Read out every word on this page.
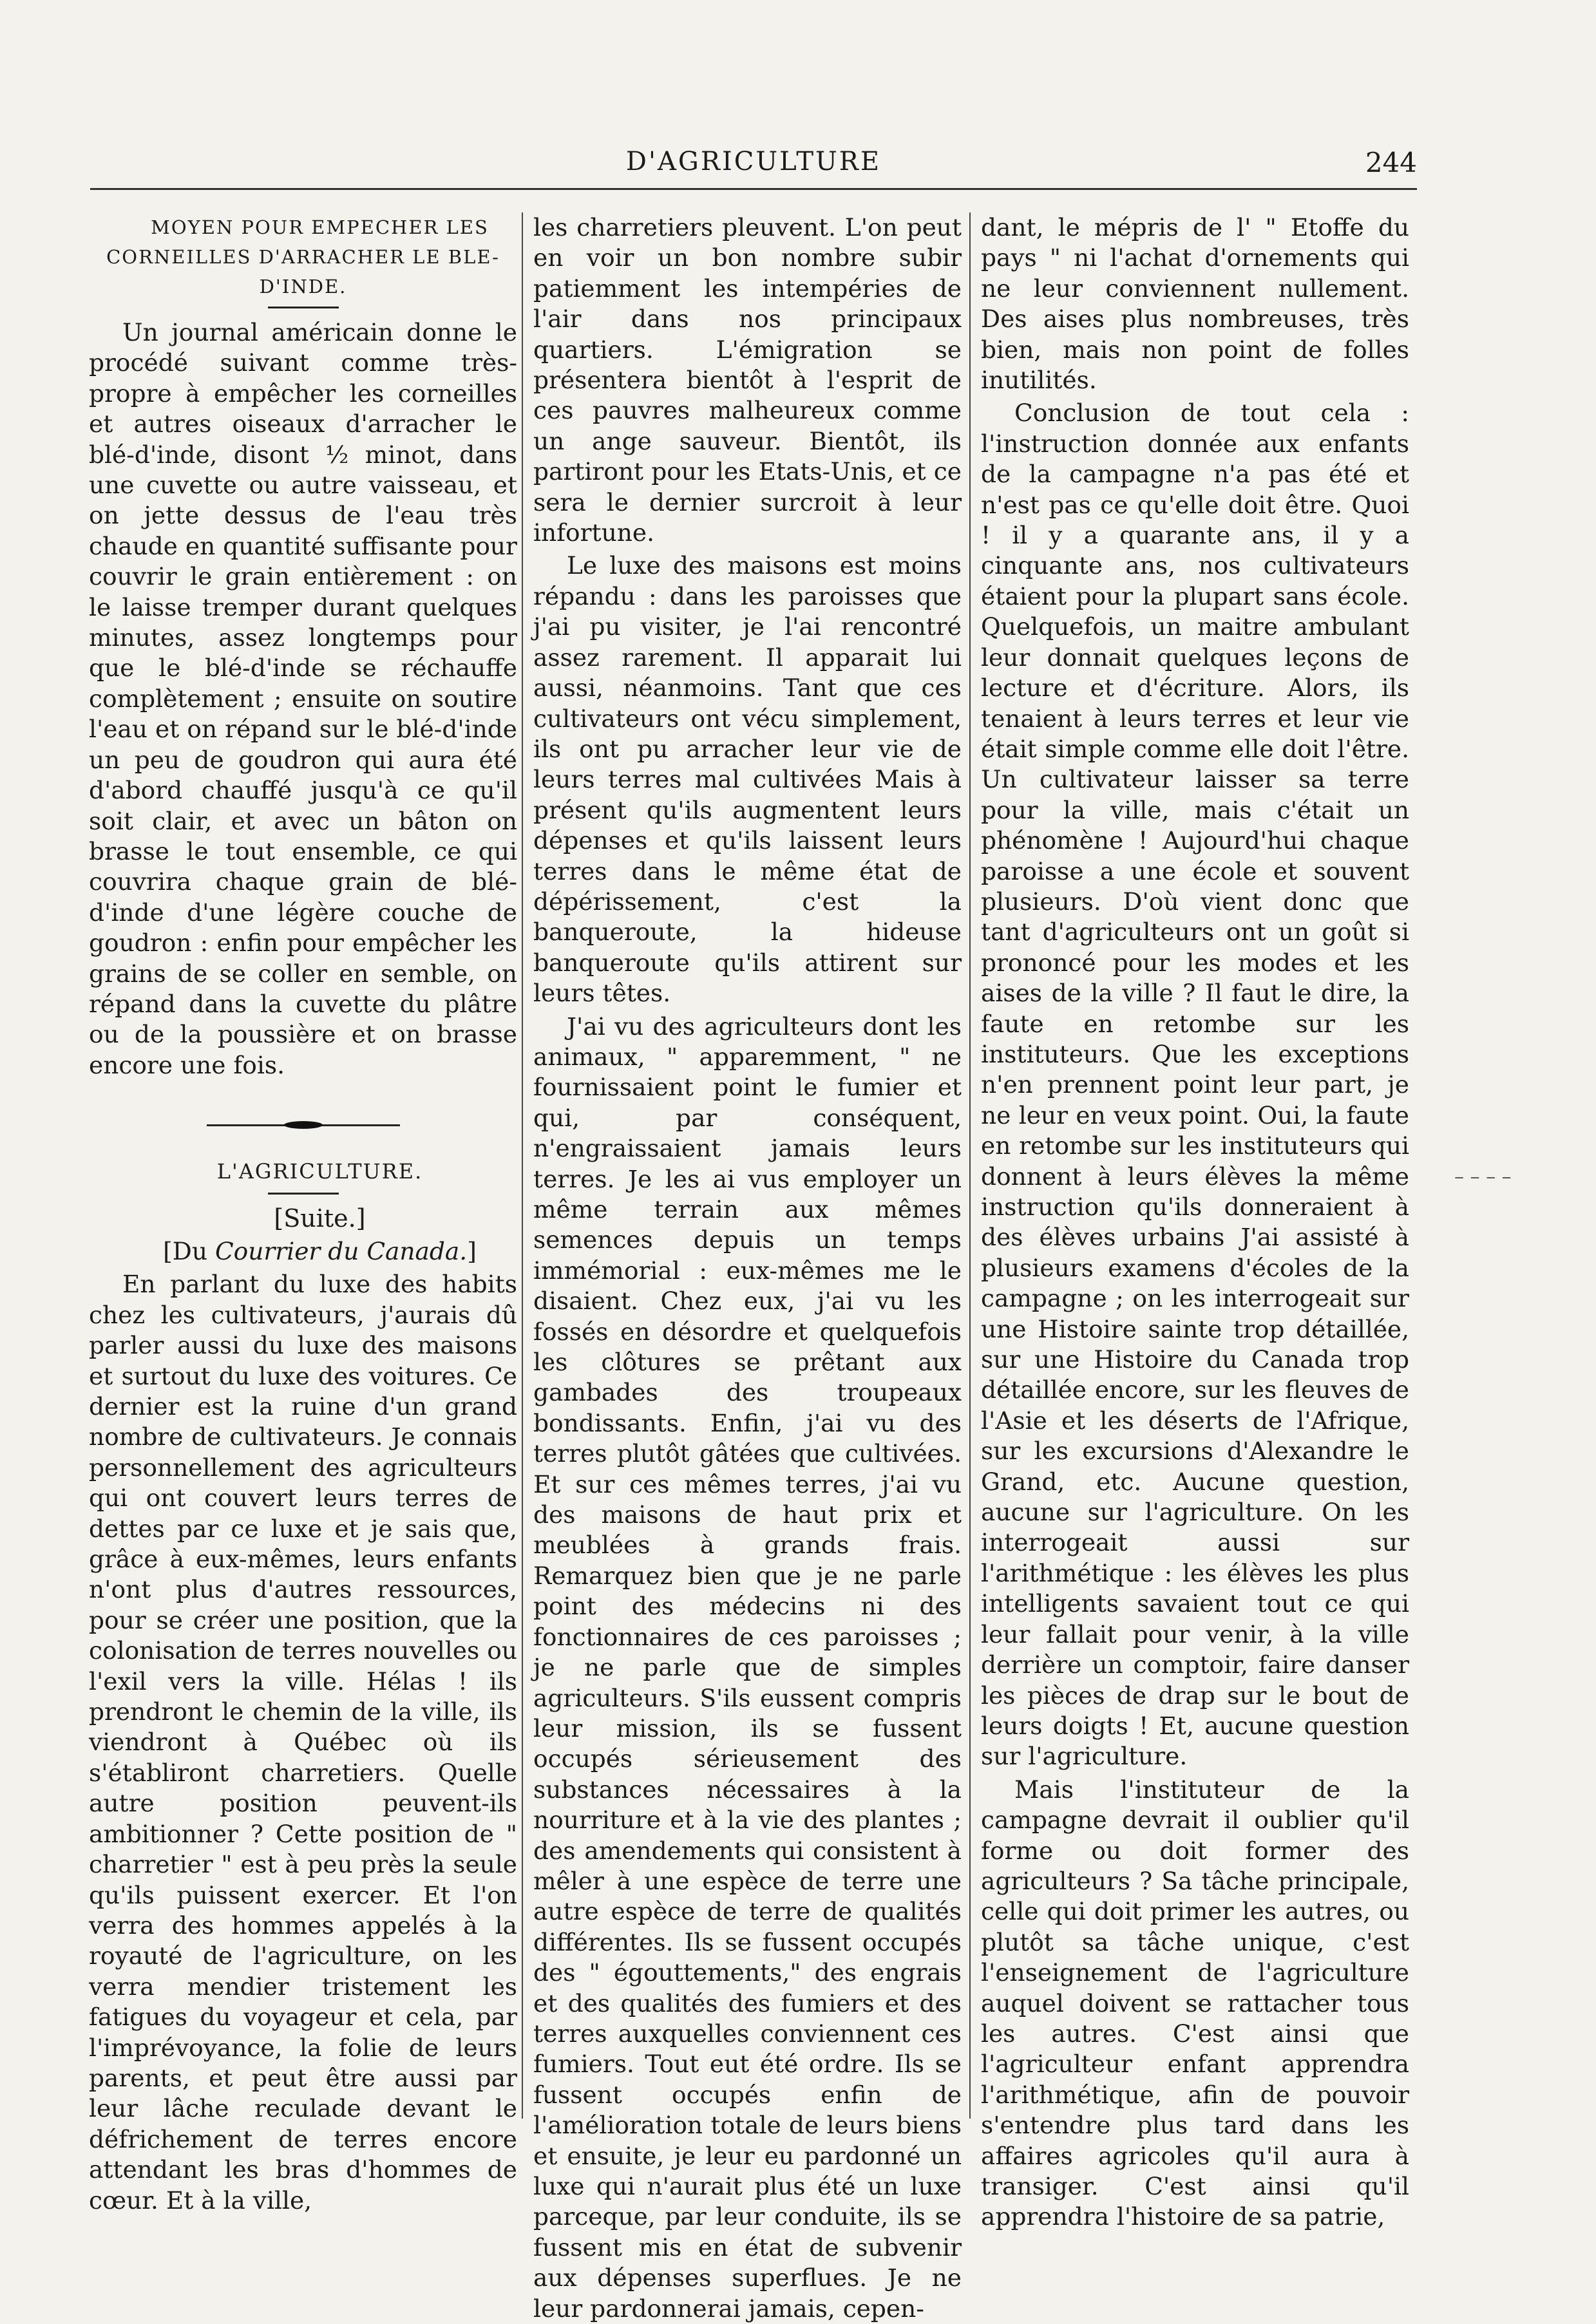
D'AGRICULTURE	244

MOYEN POUR EMPECHER LES CORNEILLES D'ARRACHER LE BLE-D'INDE.

Un journal américain donne le procédé suivant comme très-propre à empêcher les corneilles et autres oiseaux d'arracher le blé-d'inde, disont ½ minot, dans une cuvette ou autre vaisseau, et on jette dessus de l'eau très chaude en quantité suffisante pour couvrir le grain entièrement : on le laisse tremper durant quelques minutes, assez longtemps pour que le blé-d'inde se réchauffe complètement ; ensuite on soutire l'eau et on répand sur le blé-d'inde un peu de goudron qui aura été d'abord chauffé jusqu'à ce qu'il soit clair, et avec un bâton on brasse le tout ensemble, ce qui couvrira chaque grain de blé-d'inde d'une légère couche de goudron : enfin pour empêcher les grains de se coller en semble, on répand dans la cuvette du plâtre ou de la poussière et on brasse encore une fois.

L'AGRICULTURE.

[Suite.]

[Du Courrier du Canada.]

En parlant du luxe des habits chez les cultivateurs, j'aurais dû parler aussi du luxe des maisons et surtout du luxe des voitures. Ce dernier est la ruine d'un grand nombre de cultivateurs. Je connais personnellement des agriculteurs qui ont couvert leurs terres de dettes par ce luxe et je sais que, grâce à eux-mêmes, leurs enfants n'ont plus d'autres ressources, pour se créer une position, que la colonisation de terres nouvelles ou l'exil vers la ville. Hélas ! ils prendront le chemin de la ville, ils viendront à Québec où ils s'établiront charretiers. Quelle autre position peuvent-ils ambitionner ? Cette position de " charretier " est à peu près la seule qu'ils puissent exercer. Et l'on verra des hommes appelés à la royauté de l'agriculture, on les verra mendier tristement les fatigues du voyageur et cela, par l'imprévoyance, la folie de leurs parents, et peut être aussi par leur lâche reculade devant le défrichement de terres encore attendant les bras d'hommes de cœur. Et à la ville,

les charretiers pleuvent. L'on peut en voir un bon nombre subir patiemment les intempéries de l'air dans nos principaux quartiers. L'émigration se présentera bientôt à l'esprit de ces pauvres malheureux comme un ange sauveur. Bientôt, ils partiront pour les Etats-Unis, et ce sera le dernier surcroit à leur infortune.

Le luxe des maisons est moins répandu : dans les paroisses que j'ai pu visiter, je l'ai rencontré assez rarement. Il apparait lui aussi, néanmoins. Tant que ces cultivateurs ont vécu simplement, ils ont pu arracher leur vie de leurs terres mal cultivées Mais à présent qu'ils augmentent leurs dépenses et qu'ils laissent leurs terres dans le même état de dépérissement, c'est la banqueroute, la hideuse banqueroute qu'ils attirent sur leurs têtes.

J'ai vu des agriculteurs dont les animaux, " apparemment, " ne fournissaient point le fumier et qui, par conséquent, n'engraissaient jamais leurs terres. Je les ai vus employer un même terrain aux mêmes semences depuis un temps immémorial : eux-mêmes me le disaient. Chez eux, j'ai vu les fossés en désordre et quelquefois les clôtures se prêtant aux gambades des troupeaux bondissants. Enfin, j'ai vu des terres plutôt gâtées que cultivées. Et sur ces mêmes terres, j'ai vu des maisons de haut prix et meublées à grands frais. Remarquez bien que je ne parle point des médecins ni des fonctionnaires de ces paroisses ; je ne parle que de simples agriculteurs. S'ils eussent compris leur mission, ils se fussent occupés sérieusement des substances nécessaires à la nourriture et à la vie des plantes ; des amendements qui consistent à mêler à une espèce de terre une autre espèce de terre de qualités différentes. Ils se fussent occupés des " égouttements," des engrais et des qualités des fumiers et des terres auxquelles conviennent ces fumiers. Tout eut été ordre. Ils se fussent occupés enfin de l'amélioration totale de leurs biens et ensuite, je leur eu pardonné un luxe qui n'aurait plus été un luxe parceque, par leur conduite, ils se fussent mis en état de subvenir aux dépenses superflues. Je ne leur pardonnerai jamais, cepen-

dant, le mépris de l' " Etoffe du pays " ni l'achat d'ornements qui ne leur conviennent nullement. Des aises plus nombreuses, très bien, mais non point de folles inutilités.

Conclusion de tout cela : l'instruction donnée aux enfants de la campagne n'a pas été et n'est pas ce qu'elle doit être. Quoi ! il y a quarante ans, il y a cinquante ans, nos cultivateurs étaient pour la plupart sans école. Quelquefois, un maitre ambulant leur donnait quelques leçons de lecture et d'écriture. Alors, ils tenaient à leurs terres et leur vie était simple comme elle doit l'être. Un cultivateur laisser sa terre pour la ville, mais c'était un phénomène ! Aujourd'hui chaque paroisse a une école et souvent plusieurs. D'où vient donc que tant d'agriculteurs ont un goût si prononcé pour les modes et les aises de la ville ? Il faut le dire, la faute en retombe sur les instituteurs. Que les exceptions n'en prennent point leur part, je ne leur en veux point. Oui, la faute en retombe sur les instituteurs qui donnent à leurs élèves la même instruction qu'ils donneraient à des élèves urbains J'ai assisté à plusieurs examens d'écoles de la campagne ; on les interrogeait sur une Histoire sainte trop détaillée, sur une Histoire du Canada trop détaillée encore, sur les fleuves de l'Asie et les déserts de l'Afrique, sur les excursions d'Alexandre le Grand, etc. Aucune question, aucune sur l'agriculture. On les interrogeait aussi sur l'arithmétique : les élèves les plus intelligents savaient tout ce qui leur fallait pour venir, à la ville derrière un comptoir, faire danser les pièces de drap sur le bout de leurs doigts ! Et, aucune question sur l'agriculture.

Mais l'instituteur de la campagne devrait il oublier qu'il forme ou doit former des agriculteurs ? Sa tâche principale, celle qui doit primer les autres, ou plutôt sa tâche unique, c'est l'enseignement de l'agriculture auquel doivent se rattacher tous les autres. C'est ainsi que l'agriculteur enfant apprendra l'arithmétique, afin de pouvoir s'entendre plus tard dans les affaires agricoles qu'il aura à transiger. C'est ainsi qu'il apprendra l'histoire de sa patrie,

– – – –
